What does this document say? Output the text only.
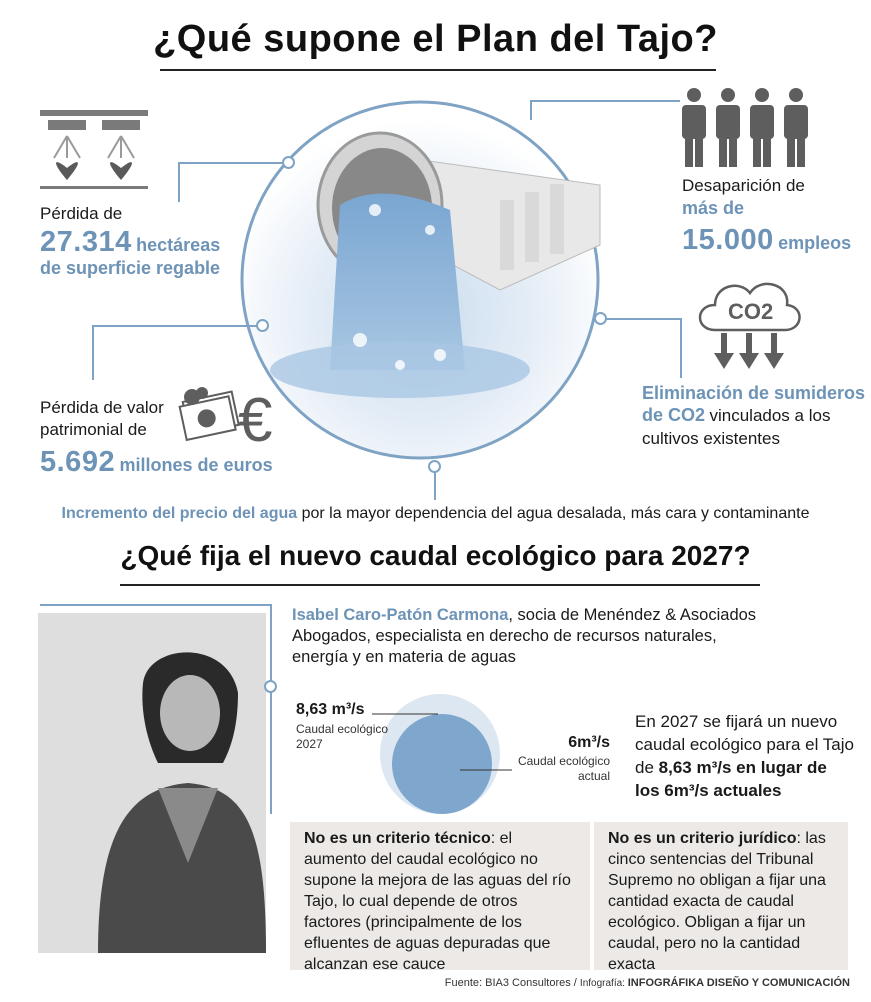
¿Qué supone el Plan del Tajo?
Pérdida de
27.314 hectáreas
de superficie regable
Desaparición de
más de
15.000 empleos
CO2
Eliminación de sumideros
de CO2 vinculados a los
cultivos existentes
€
Pérdida de valor
patrimonial de
5.692 millones de euros
Incremento del precio del agua por la mayor dependencia del agua desalada, más cara y contaminante
¿Qué fija el nuevo caudal ecológico para 2027?
Isabel Caro-Patón Carmona, socia de Menéndez & Asociados
Abogados, especialista en derecho de recursos naturales,
energía y en materia de aguas
8,63 m³/s
Caudal ecológico
2027	6m³/s
Caudal ecológico
actual
En 2027 se fijará un nuevo
caudal ecológico para el Tajo
de 8,63 m³/s en lugar de
los 6m³/s actuales
No es un criterio técnico: el aumento del caudal ecológico no supone la mejora de las aguas del río Tajo, lo cual depende de otros factores (principalmente de los efluentes de aguas depuradas que alcanzan ese cauce
No es un criterio jurídico: las cinco sentencias del Tribunal Supremo no obligan a fijar una cantidad exacta de caudal ecológico. Obligan a fijar un caudal, pero no la cantidad exacta
Fuente: BIA3 Consultores / Infografía: INFOGRÁFIKA DISEÑO Y COMUNICACIÓN
